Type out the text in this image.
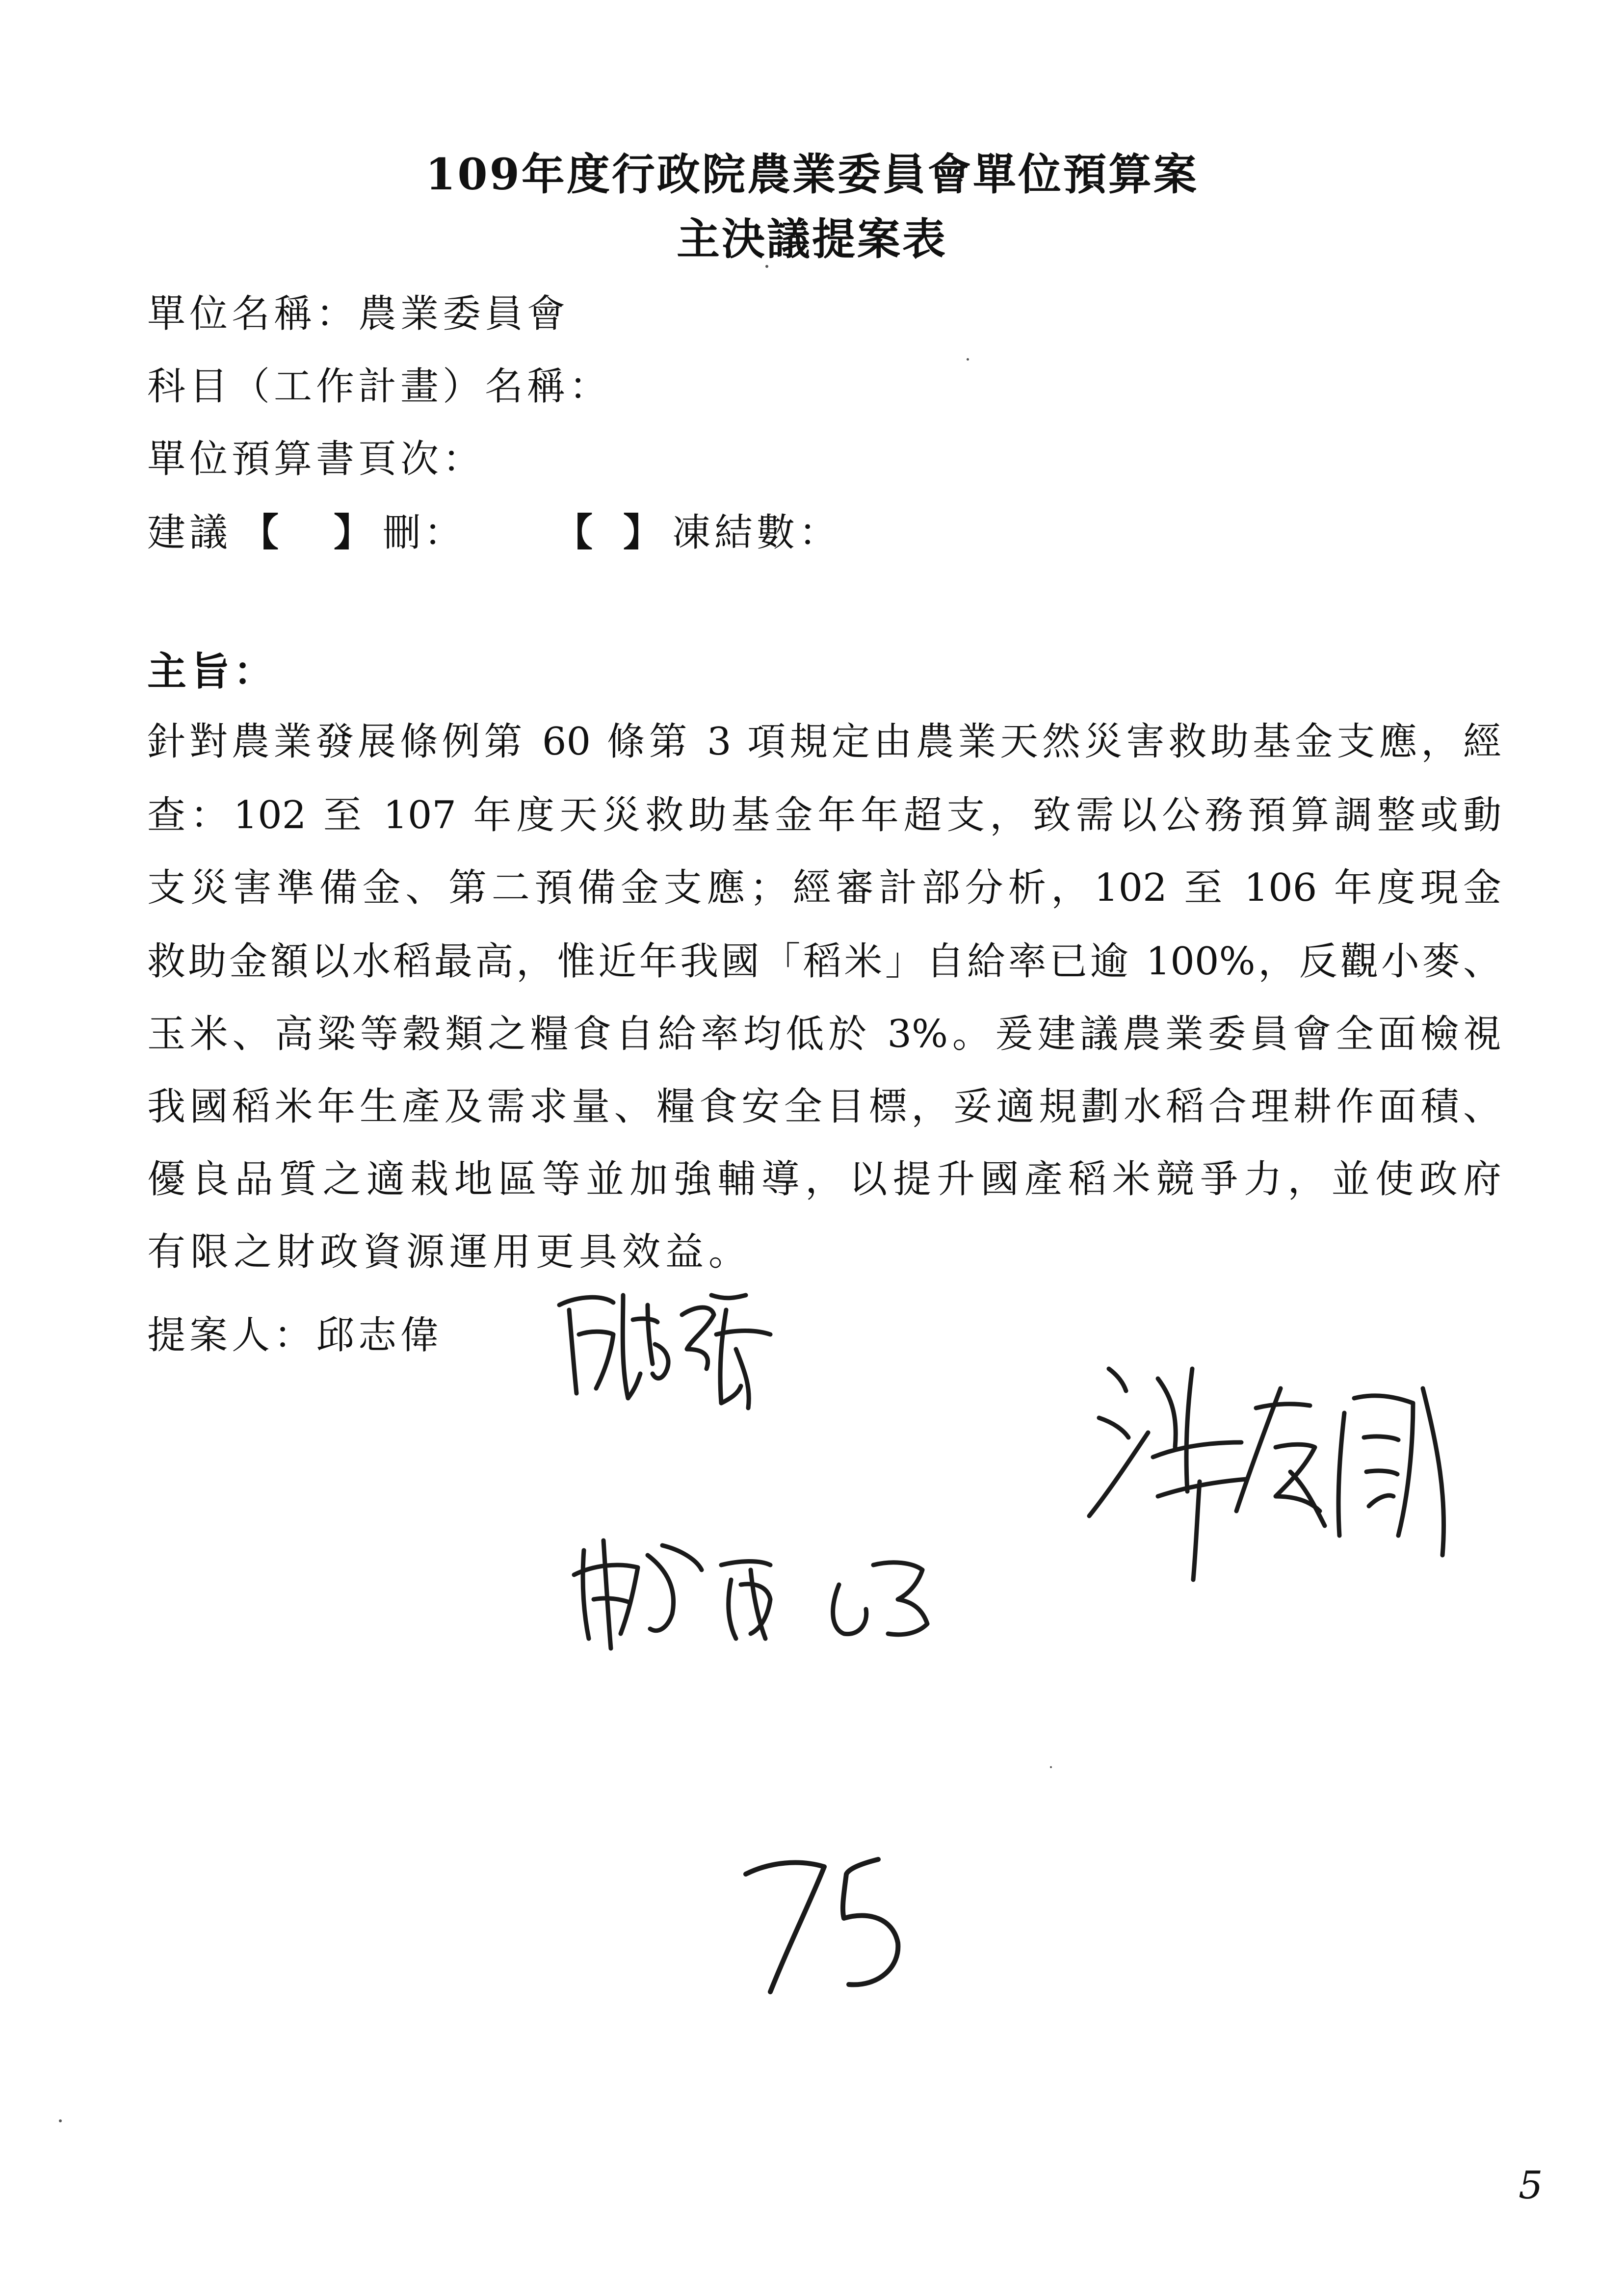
109年度行政院農業委員會單位預算案
主決議提案表
單位名稱：農業委員會
科目（工作計畫）名稱：
單位預算書頁次：
建議 【 】 刪： 【 】 凍結數：
主旨：
針對農業發展條例第 60 條第 3 項規定由農業天然災害救助基金支應，經
查：102 至 107 年度天災救助基金年年超支，致需以公務預算調整或動
支災害準備金、第二預備金支應；經審計部分析，102 至 106 年度現金
救助金額以水稻最高，惟近年我國「稻米」自給率已逾 100%，反觀小麥、
玉米、高粱等穀類之糧食自給率均低於 3%。爰建議農業委員會全面檢視
我國稻米年生產及需求量、糧食安全目標，妥適規劃水稻合理耕作面積、
優良品質之適栽地區等並加強輔導，以提升國產稻米競爭力，並使政府
有限之財政資源運用更具效益。
提案人：邱志偉
75
5
